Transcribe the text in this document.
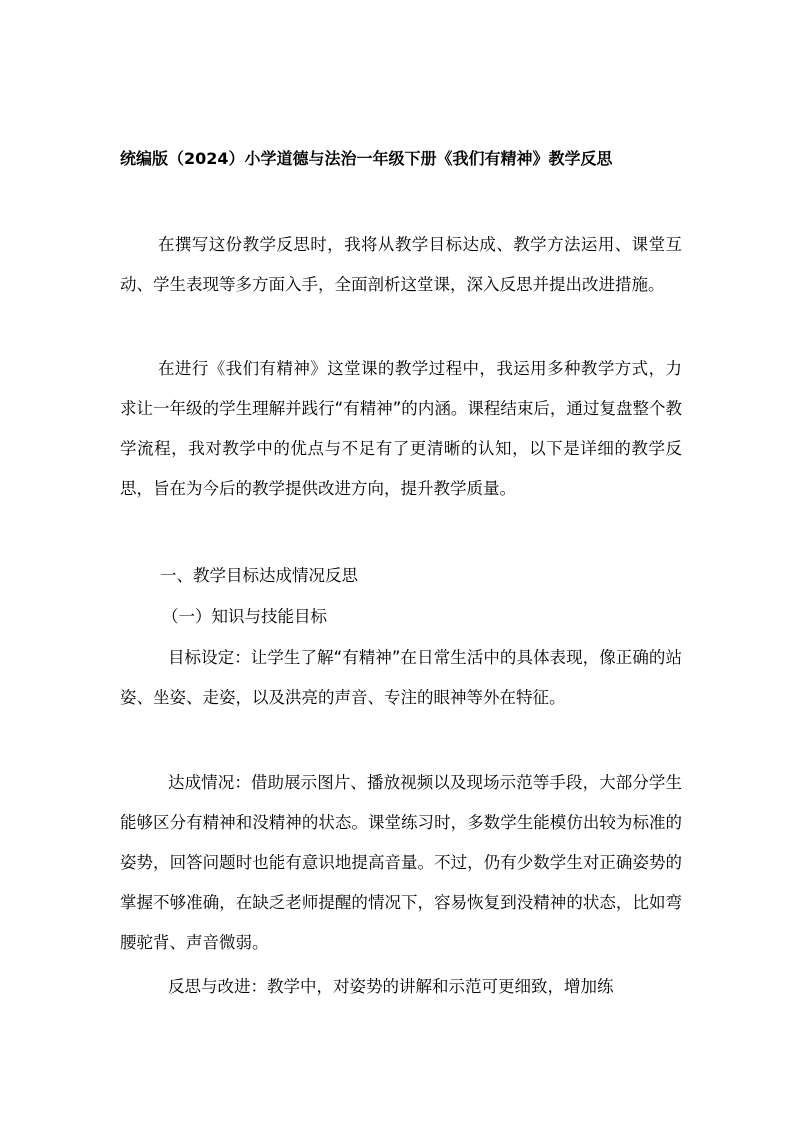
统编版（2024）小学道德与法治一年级下册《我们有精神》教学反思
在撰写这份教学反思时，我将从教学目标达成、教学方法运用、课堂互动、学生表现等多方面入手，全面剖析这堂课，深入反思并提出改进措施。
在进行《我们有精神》这堂课的教学过程中，我运用多种教学方式，力求让一年级的学生理解并践行“有精神”的内涵。课程结束后，通过复盘整个教学流程，我对教学中的优点与不足有了更清晰的认知，以下是详细的教学反思，旨在为今后的教学提供改进方向，提升教学质量。
一、教学目标达成情况反思
（一）知识与技能目标
目标设定：让学生了解“有精神”在日常生活中的具体表现，像正确的站姿、坐姿、走姿，以及洪亮的声音、专注的眼神等外在特征。
达成情况：借助展示图片、播放视频以及现场示范等手段，大部分学生能够区分有精神和没精神的状态。课堂练习时，多数学生能模仿出较为标准的姿势，回答问题时也能有意识地提高音量。不过，仍有少数学生对正确姿势的掌握不够准确，在缺乏老师提醒的情况下，容易恢复到没精神的状态，比如弯腰驼背、声音微弱。
反思与改进：教学中，对姿势的讲解和示范可更细致，增加练
